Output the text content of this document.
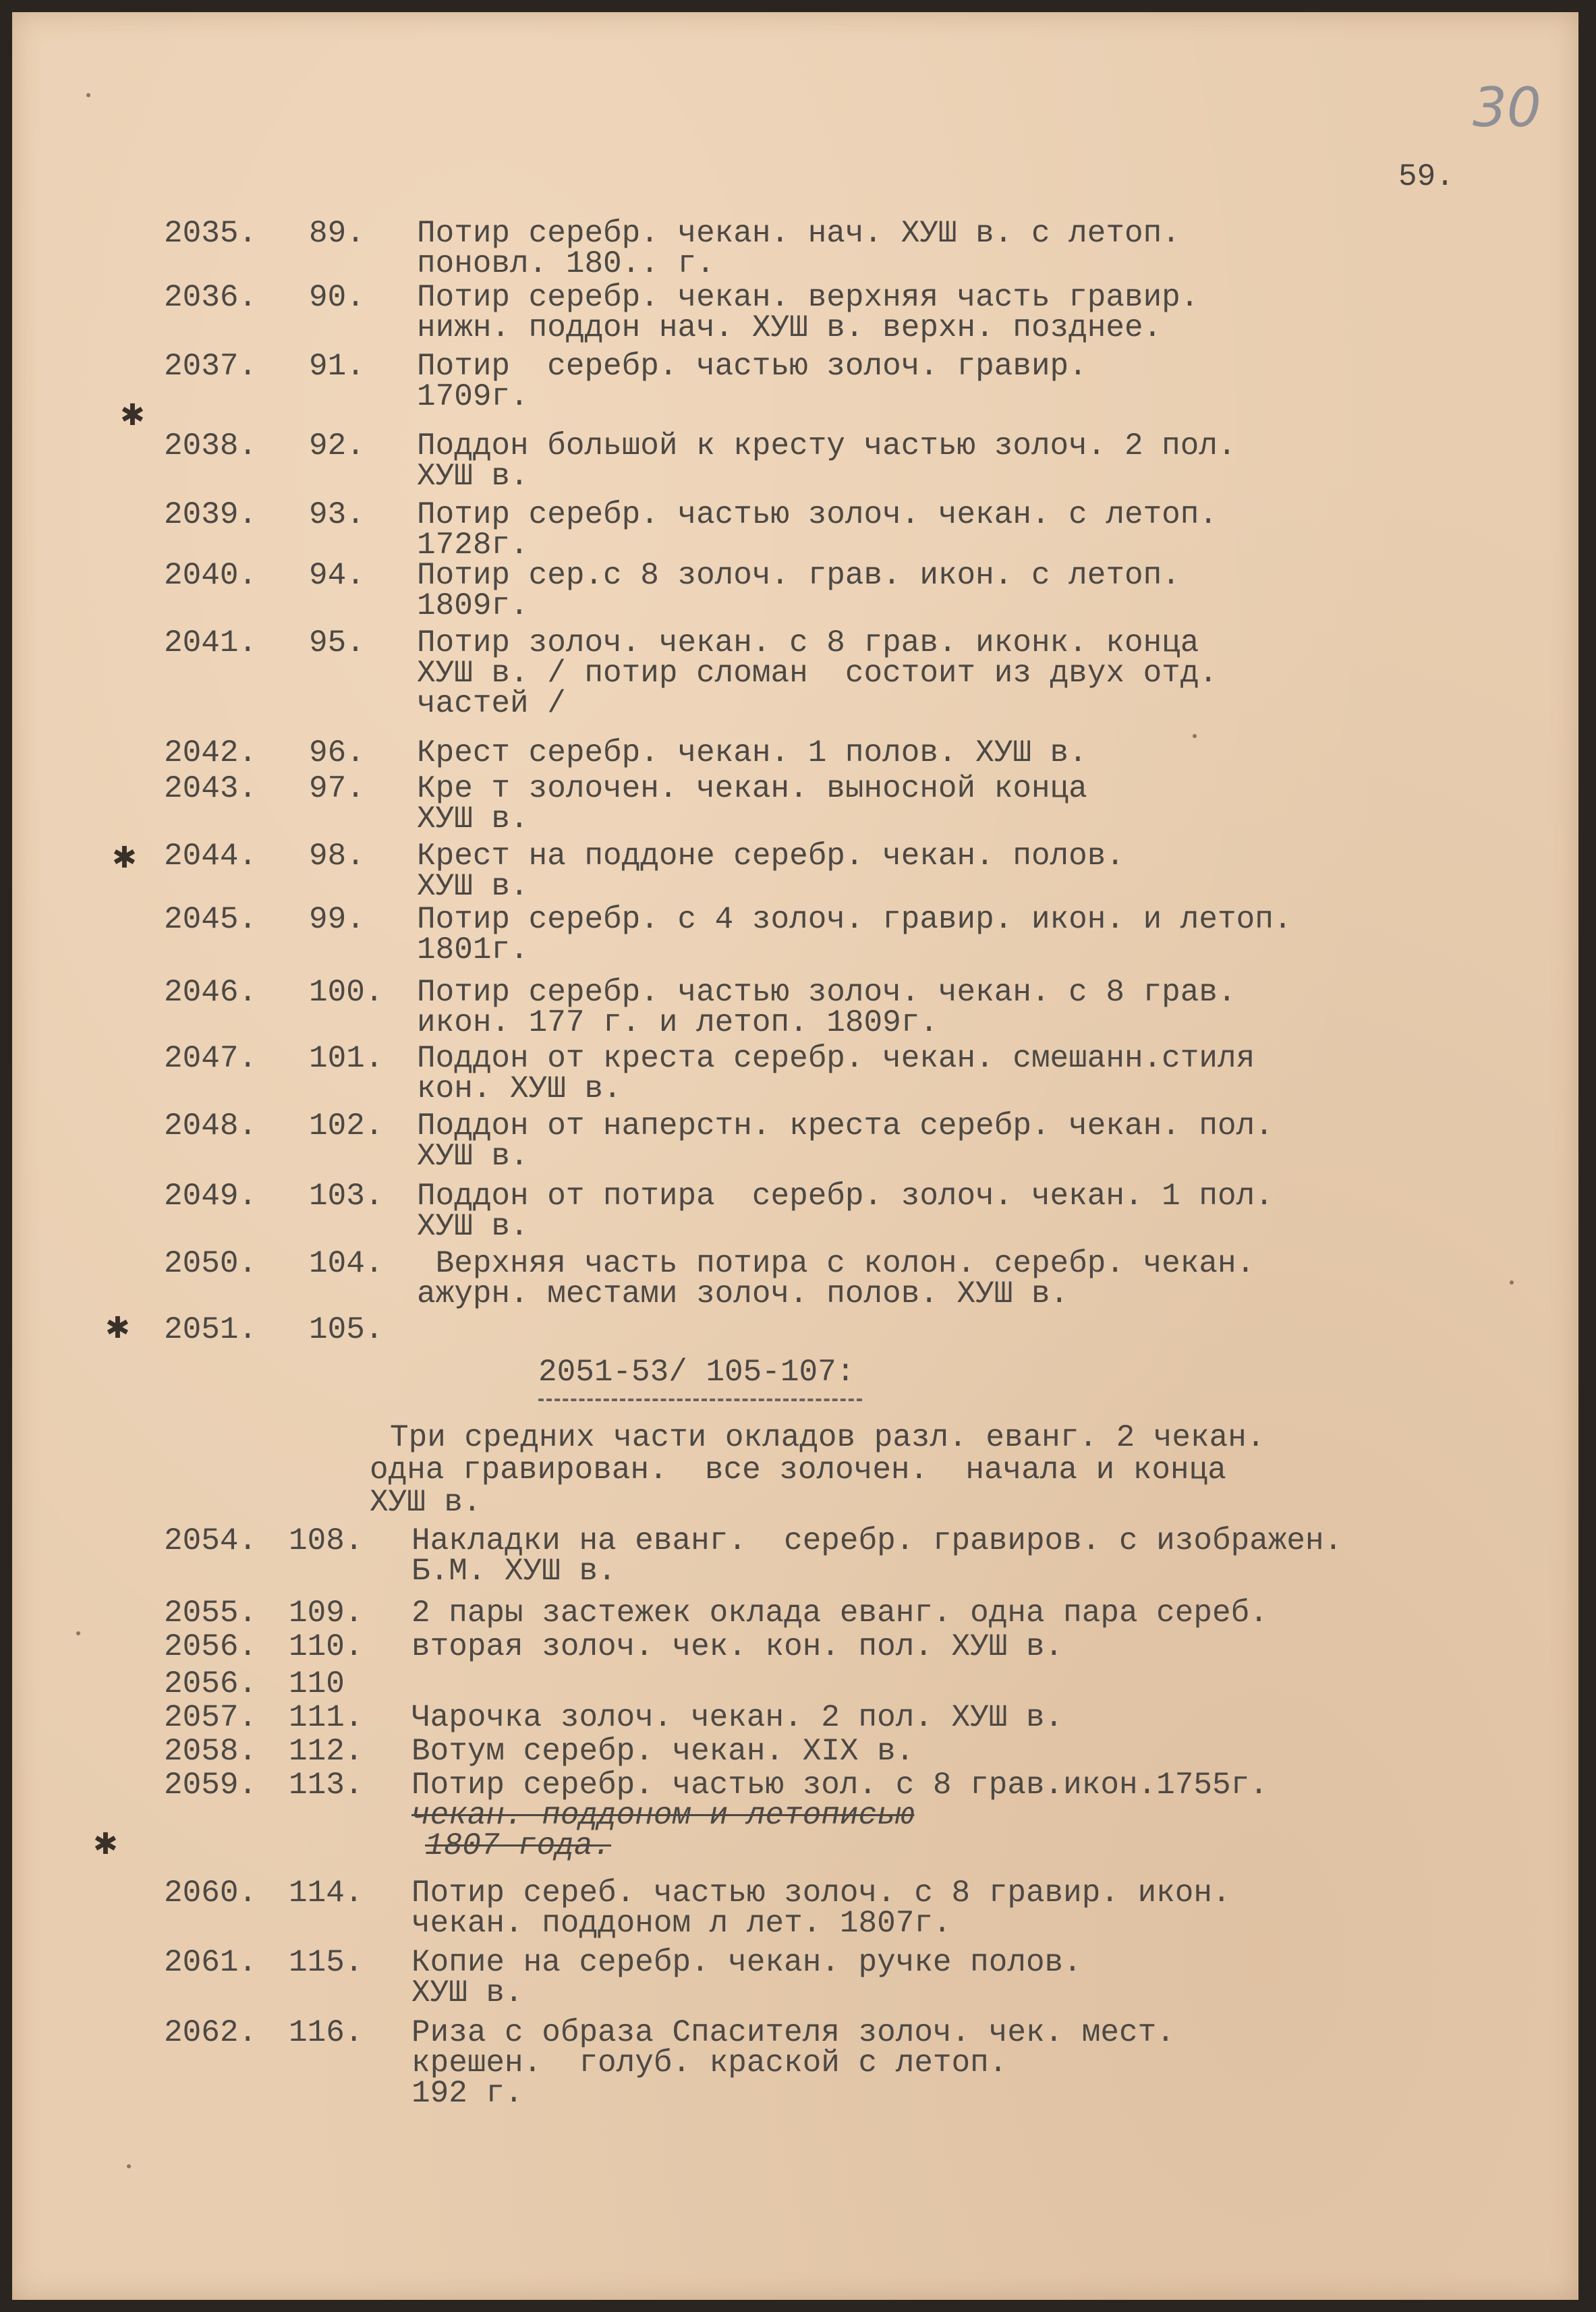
30
59.
2051-53/ 105-107:
✱
✱
✱
✱
2035. 89. Потир серебр. чекан. нач. ХУШ в. с летоп.
поновл. 180.. г.
2036. 90. Потир серебр. чекан. верхняя часть гравир.
нижн. поддон нач. ХУШ в. верхн. позднее.
2037. 91. Потир  серебр. частью золоч. гравир.
1709г.
2038. 92. Поддон большой к кресту частью золоч. 2 пол.
ХУШ в.
2039. 93. Потир серебр. частью золоч. чекан. с летоп.
1728г.
2040. 94. Потир сер.с 8 золоч. грав. икон. с летоп.
1809г.
2041. 95. Потир золоч. чекан. с 8 грав. иконк. конца
ХУШ в. / потир сломан  состоит из двух отд.
частей /
2042. 96. Крест серебр. чекан. 1 полов. ХУШ в.
2043. 97. Кре т золочен. чекан. выносной конца
ХУШ в.
2044. 98. Крест на поддоне серебр. чекан. полов.
ХУШ в.
2045. 99. Потир серебр. с 4 золоч. гравир. икон. и летоп.
1801г.
2046. 100. Потир серебр. частью золоч. чекан. с 8 грав.
икон. 177 г. и летоп. 1809г.
2047. 101. Поддон от креста серебр. чекан. смешанн.стиля
кон. ХУШ в.
2048. 102. Поддон от наперстн. креста серебр. чекан. пол.
ХУШ в.
2049. 103. Поддон от потира  серебр. золоч. чекан. 1 пол.
ХУШ в.
2050. 104. Верхняя часть потира с колон. серебр. чекан.
ажурн. местами золоч. полов. ХУШ в.
2051. 105.
Три средних части окладов разл. еванг. 2 чекан.
одна гравирован.  все золочен.  начала и конца
ХУШ в.
2054. 108. Накладки на еванг.  серебр. гравиров. с изображен.
Б.М. ХУШ в.
2055. 109. 2 пары застежек оклада еванг. одна пара сереб.
2056. 110. вторая золоч. чек. кон. пол. ХУШ в.
2056. 110
2057. 111. Чарочка золоч. чекан. 2 пол. ХУШ в.
2058. 112. Вотум серебр. чекан. XIX в.
2059. 113. Потир серебр. частью зол. с 8 грав.икон.1755г.
чекан. поддоном и летописью
1807 года.
2060. 114. Потир сереб. частью золоч. с 8 гравир. икон.
чекан. поддоном л лет. 1807г.
2061. 115. Копие на серебр. чекан. ручке полов.
ХУШ в.
2062. 116. Риза с образа Спасителя золоч. чек. мест.
крешен.  голуб. краской с летоп.
192 г.
